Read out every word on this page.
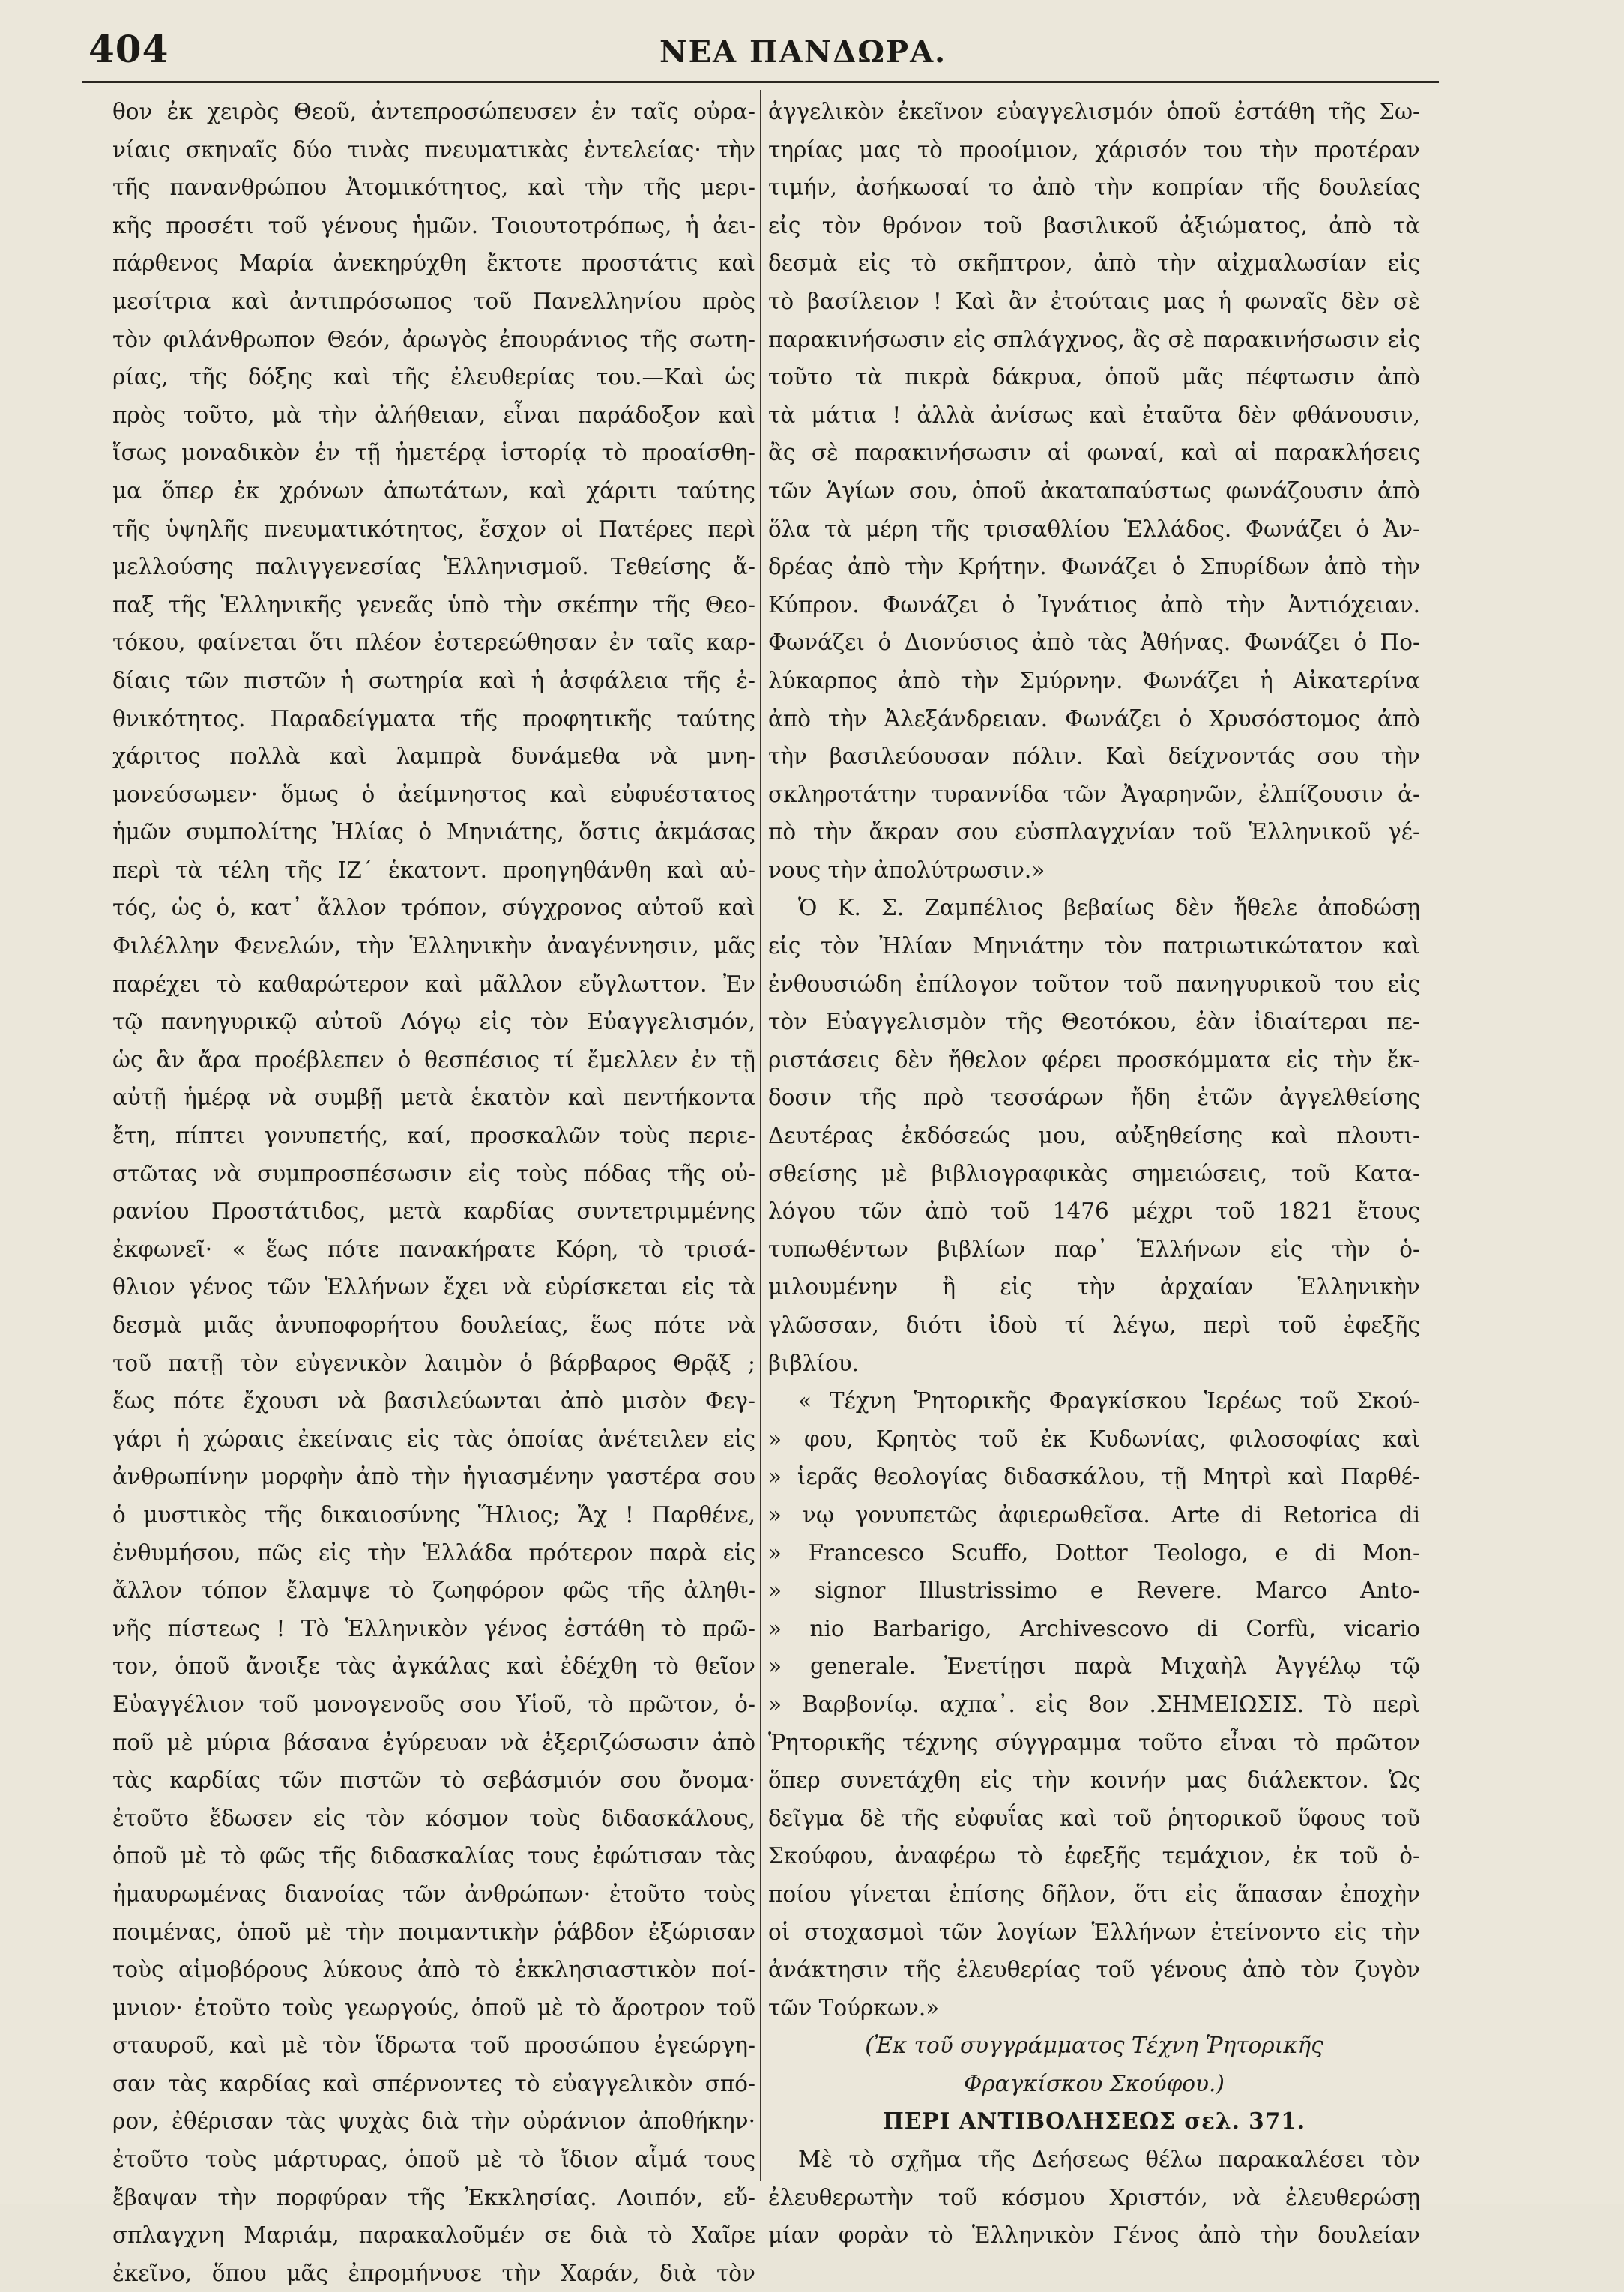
404	ΝΕΑ ΠΑΝΔΩΡΑ.
θον ἐκ χειρὸς Θεοῦ, ἀντεπροσώπευσεν ἐν ταῖς οὐρα-
νίαις σκηναῖς δύο τινὰς πνευματικὰς ἐντελείας· τὴν
τῆς πανανθρώπου Ἀτομικότητος, καὶ τὴν τῆς μερι-
κῆς προσέτι τοῦ γένους ἡμῶν. Τοιουτοτρόπως, ἡ ἀει-
πάρθενος Μαρία ἀνεκηρύχθη ἔκτοτε προστάτις καὶ
μεσίτρια καὶ ἀντιπρόσωπος τοῦ Πανελληνίου πρὸς
τὸν φιλάνθρωπον Θεόν, ἀρωγὸς ἐπουράνιος τῆς σωτη-
ρίας, τῆς δόξης καὶ τῆς ἐλευθερίας του.—Καὶ ὡς
πρὸς τοῦτο, μὰ τὴν ἀλήθειαν, εἶναι παράδοξον καὶ
ἴσως μοναδικὸν ἐν τῇ ἡμετέρᾳ ἱστορίᾳ τὸ προαίσθη-
μα ὅπερ ἐκ χρόνων ἀπωτάτων, καὶ χάριτι ταύτης
τῆς ὑψηλῆς πνευματικότητος, ἔσχον οἱ Πατέρες περὶ
μελλούσης παλιγγενεσίας Ἑλληνισμοῦ. Τεθείσης ἅ-
παξ τῆς Ἑλληνικῆς γενεᾶς ὑπὸ τὴν σκέπην τῆς Θεο-
τόκου, φαίνεται ὅτι πλέον ἐστερεώθησαν ἐν ταῖς καρ-
δίαις τῶν πιστῶν ἡ σωτηρία καὶ ἡ ἀσφάλεια τῆς ἐ-
θνικότητος. Παραδείγματα τῆς προφητικῆς ταύτης
χάριτος πολλὰ καὶ λαμπρὰ δυνάμεθα νὰ μνη-
μονεύσωμεν· ὅμως ὁ ἀείμνηστος καὶ εὐφυέστατος
ἡμῶν συμπολίτης Ἠλίας ὁ Μηνιάτης, ὅστις ἀκμάσας
περὶ τὰ τέλη τῆς ΙΖ´ ἑκατοντ. προηγηθάνθη καὶ αὐ-
τός, ὡς ὁ, κατ᾽ ἄλλον τρόπον, σύγχρονος αὐτοῦ καὶ
Φιλέλλην Φενελών, τὴν Ἑλληνικὴν ἀναγέννησιν, μᾶς
παρέχει τὸ καθαρώτερον καὶ μᾶλλον εὔγλωττον. Ἐν
τῷ πανηγυρικῷ αὐτοῦ Λόγῳ εἰς τὸν Εὐαγγελισμόν,
ὡς ἂν ἄρα προέβλεπεν ὁ θεσπέσιος τί ἔμελλεν ἐν τῇ
αὐτῇ ἡμέρᾳ νὰ συμβῇ μετὰ ἑκατὸν καὶ πεντήκοντα
ἔτη, πίπτει γονυπετής, καί, προσκαλῶν τοὺς περιε-
στῶτας νὰ συμπροσπέσωσιν εἰς τοὺς πόδας τῆς οὐ-
ρανίου Προστάτιδος, μετὰ καρδίας συντετριμμένης
ἐκφωνεῖ· « ἕως πότε πανακήρατε Κόρη, τὸ τρισά-
θλιον γένος τῶν Ἑλλήνων ἔχει νὰ εὑρίσκεται εἰς τὰ
δεσμὰ μιᾶς ἀνυποφορήτου δουλείας, ἕως πότε νὰ
τοῦ πατῇ τὸν εὐγενικὸν λαιμὸν ὁ βάρβαρος Θρᾷξ ;
ἕως πότε ἔχουσι νὰ βασιλεύωνται ἀπὸ μισὸν Φεγ-
γάρι ἡ χώραις ἐκείναις εἰς τὰς ὁποίας ἀνέτειλεν εἰς
ἀνθρωπίνην μορφὴν ἀπὸ τὴν ἡγιασμένην γαστέρα σου
ὁ μυστικὸς τῆς δικαιοσύνης Ἥλιος; Ἄχ ! Παρθένε,
ἐνθυμήσου, πῶς εἰς τὴν Ἑλλάδα πρότερον παρὰ εἰς
ἄλλον τόπον ἔλαμψε τὸ ζωηφόρον φῶς τῆς ἀληθι-
νῆς πίστεως ! Τὸ Ἑλληνικὸν γένος ἐστάθη τὸ πρῶ-
τον, ὁποῦ ἄνοιξε τὰς ἀγκάλας καὶ ἐδέχθη τὸ θεῖον
Εὐαγγέλιον τοῦ μονογενοῦς σου Υἱοῦ, τὸ πρῶτον, ὁ-
ποῦ μὲ μύρια βάσανα ἐγύρευαν νὰ ἐξεριζώσωσιν ἀπὸ
τὰς καρδίας τῶν πιστῶν τὸ σεβάσμιόν σου ὄνομα·
ἐτοῦτο ἔδωσεν εἰς τὸν κόσμον τοὺς διδασκάλους,
ὁποῦ μὲ τὸ φῶς τῆς διδασκαλίας τους ἐφώτισαν τὰς
ἠμαυρωμένας διανοίας τῶν ἀνθρώπων· ἐτοῦτο τοὺς
ποιμένας, ὁποῦ μὲ τὴν ποιμαντικὴν ῥάβδον ἐξώρισαν
τοὺς αἱμοβόρους λύκους ἀπὸ τὸ ἐκκλησιαστικὸν ποί-
μνιον· ἐτοῦτο τοὺς γεωργούς, ὁποῦ μὲ τὸ ἄροτρον τοῦ
σταυροῦ, καὶ μὲ τὸν ἵδρωτα τοῦ προσώπου ἐγεώργη-
σαν τὰς καρδίας καὶ σπέρνοντες τὸ εὐαγγελικὸν σπό-
ρον, ἐθέρισαν τὰς ψυχὰς διὰ τὴν οὐράνιον ἀποθήκην·
ἐτοῦτο τοὺς μάρτυρας, ὁποῦ μὲ τὸ ἴδιον αἷμά τους
ἔβαψαν τὴν πορφύραν τῆς Ἐκκλησίας. Λοιπόν, εὔ-
σπλαγχνη Μαριάμ, παρακαλοῦμέν σε διὰ τὸ Χαῖρε
ἐκεῖνο, ὅπου μᾶς ἐπρομήνυσε τὴν Χαράν, διὰ τὸν
ἀγγελικὸν ἐκεῖνον εὐαγγελισμόν ὁποῦ ἐστάθη τῆς Σω-
τηρίας μας τὸ προοίμιον, χάρισόν του τὴν προτέραν
τιμήν, ἀσήκωσαί το ἀπὸ τὴν κοπρίαν τῆς δουλείας
εἰς τὸν θρόνον τοῦ βασιλικοῦ ἀξιώματος, ἀπὸ τὰ
δεσμὰ εἰς τὸ σκῆπτρον, ἀπὸ τὴν αἰχμαλωσίαν εἰς
τὸ βασίλειον ! Καὶ ἂν ἐτούταις μας ἡ φωναῖς δὲν σὲ
παρακινήσωσιν εἰς σπλάγχνος, ἂς σὲ παρακινήσωσιν εἰς
τοῦτο τὰ πικρὰ δάκρυα, ὁποῦ μᾶς πέφτωσιν ἀπὸ
τὰ μάτια ! ἀλλὰ ἀνίσως καὶ ἐταῦτα δὲν φθάνουσιν,
ἂς σὲ παρακινήσωσιν αἱ φωναί, καὶ αἱ παρακλήσεις
τῶν Ἁγίων σου, ὁποῦ ἀκαταπαύστως φωνάζουσιν ἀπὸ
ὅλα τὰ μέρη τῆς τρισαθλίου Ἑλλάδος. Φωνάζει ὁ Ἀν-
δρέας ἀπὸ τὴν Κρήτην. Φωνάζει ὁ Σπυρίδων ἀπὸ τὴν
Κύπρον. Φωνάζει ὁ Ἰγνάτιος ἀπὸ τὴν Ἀντιόχειαν.
Φωνάζει ὁ Διονύσιος ἀπὸ τὰς Ἀθήνας. Φωνάζει ὁ Πο-
λύκαρπος ἀπὸ τὴν Σμύρνην. Φωνάζει ἡ Αἰκατερίνα
ἀπὸ τὴν Ἀλεξάνδρειαν. Φωνάζει ὁ Χρυσόστομος ἀπὸ
τὴν βασιλεύουσαν πόλιν. Καὶ δείχνοντάς σου τὴν
σκληροτάτην τυραννίδα τῶν Ἀγαρηνῶν, ἐλπίζουσιν ἀ-
πὸ τὴν ἄκραν σου εὐσπλαγχνίαν τοῦ Ἑλληνικοῦ γέ-
νους τὴν ἀπολύτρωσιν.»
Ὁ Κ. Σ. Ζαμπέλιος βεβαίως δὲν ἤθελε ἀποδώσῃ
εἰς τὸν Ἠλίαν Μηνιάτην τὸν πατριωτικώτατον καὶ
ἐνθουσιώδη ἐπίλογον τοῦτον τοῦ πανηγυρικοῦ του εἰς
τὸν Εὐαγγελισμὸν τῆς Θεοτόκου, ἐὰν ἰδιαίτεραι πε-
ριστάσεις δὲν ἤθελον φέρει προσκόμματα εἰς τὴν ἔκ-
δοσιν τῆς πρὸ τεσσάρων ἤδη ἐτῶν ἀγγελθείσης
Δευτέρας ἐκδόσεώς μου, αὐξηθείσης καὶ πλουτι-
σθείσης μὲ βιβλιογραφικὰς σημειώσεις, τοῦ Κατα-
λόγου τῶν ἀπὸ τοῦ 1476 μέχρι τοῦ 1821 ἔτους
τυπωθέντων βιβλίων παρ᾽ Ἑλλήνων εἰς τὴν ὁ-
μιλουμένην ἢ εἰς τὴν ἀρχαίαν Ἑλληνικὴν
γλῶσσαν, διότι ἰδοὺ τί λέγω, περὶ τοῦ ἐφεξῆς
βιβλίου.
« Τέχνη Ῥητορικῆς Φραγκίσκου Ἱερέως τοῦ Σκού-
» φου, Κρητὸς τοῦ ἐκ Κυδωνίας, φιλοσοφίας καὶ
» ἱερᾶς θεολογίας διδασκάλου, τῇ Μητρὶ καὶ Παρθέ-
» νῳ γονυπετῶς ἀφιερωθεῖσα. Arte di Retorica di
» Francesco Scuffo, Dottor Teologo, e di Mon-
» signor Illustrissimo e Revere. Marco Anto-
» nio Barbarigo, Archivescovo di Corfù, vicario
» generale. Ἐνετίῃσι παρὰ Μιχαὴλ Ἀγγέλῳ τῷ
» Βαρβονίῳ. αχπα᾽. εἰς 8ον .ΣΗΜΕΙΩΣΙΣ. Τὸ περὶ
Ῥητορικῆς τέχνης σύγγραμμα τοῦτο εἶναι τὸ πρῶτον
ὅπερ συνετάχθη εἰς τὴν κοινήν μας διάλεκτον. Ὡς
δεῖγμα δὲ τῆς εὐφυΐας καὶ τοῦ ῥητορικοῦ ὕφους τοῦ
Σκούφου, ἀναφέρω τὸ ἐφεξῆς τεμάχιον, ἐκ τοῦ ὁ-
ποίου γίνεται ἐπίσης δῆλον, ὅτι εἰς ἅπασαν ἐποχὴν
οἱ στοχασμοὶ τῶν λογίων Ἑλλήνων ἐτείνοντο εἰς τὴν
ἀνάκτησιν τῆς ἐλευθερίας τοῦ γένους ἀπὸ τὸν ζυγὸν
τῶν Τούρκων.»
(Ἐκ τοῦ συγγράμματος Τέχνη Ῥητορικῆς
Φραγκίσκου Σκούφου.)
ΠΕΡΙ ΑΝΤΙΒΟΛΗΣΕΩΣ σελ. 371.
Μὲ τὸ σχῆμα τῆς Δεήσεως θέλω παρακαλέσει τὸν
ἐλευθερωτὴν τοῦ κόσμου Χριστόν, νὰ ἐλευθερώσῃ
μίαν φορὰν τὸ Ἑλληνικὸν Γένος ἀπὸ τὴν δουλείαν
